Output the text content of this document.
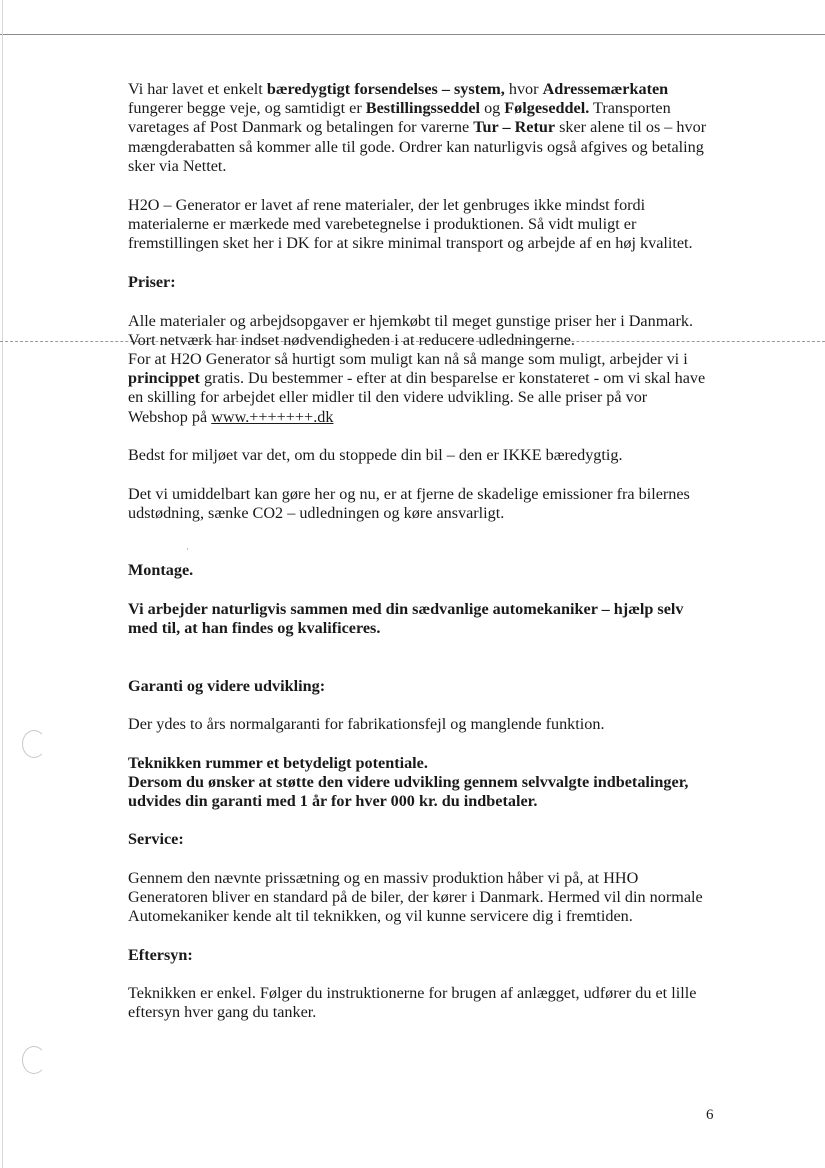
·

Vi har lavet et enkelt bæredygtigt forsendelses – system, hvor Adressemærkaten fungerer begge veje, og samtidigt er Bestillingsseddel og Følgeseddel. Transporten varetages af Post Danmark og betalingen for varerne Tur – Retur sker alene til os – hvor mængderabatten så kommer alle til gode. Ordrer kan naturligvis også afgives og betaling sker via Nettet.

H2O – Generator er lavet af rene materialer, der let genbruges ikke mindst fordi materialerne er mærkede med varebetegnelse i produktionen. Så vidt muligt er fremstillingen sket her i DK for at sikre minimal transport og arbejde af en høj kvalitet.

Priser:

Alle materialer og arbejdsopgaver er hjemkøbt til meget gunstige priser her i Danmark. Vort netværk har indset nødvendigheden i at reducere udledningerne.

For at H2O Generator så hurtigt som muligt kan nå så mange som muligt, arbejder vi i princippet gratis. Du bestemmer - efter at din besparelse er konstateret - om vi skal have en skilling for arbejdet eller midler til den videre udvikling. Se alle priser på vor Webshop på www.+++++++.dk

Bedst for miljøet var det, om du stoppede din bil – den er IKKE bæredygtig.

Det vi umiddelbart kan gøre her og nu, er at fjerne de skadelige emissioner fra bilernes udstødning, sænke CO2 – udledningen og køre ansvarligt.

Montage.

Vi arbejder naturligvis sammen med din sædvanlige automekaniker – hjælp selv med til, at han findes og kvalificeres.

Garanti og videre udvikling:

Der ydes to års normalgaranti for fabrikationsfejl og manglende funktion.

Teknikken rummer et betydeligt potentiale.

Dersom du ønsker at støtte den videre udvikling gennem selvvalgte indbetalinger, udvides din garanti med 1 år for hver 000 kr. du indbetaler.

Service:

Gennem den nævnte prissætning og en massiv produktion håber vi på, at HHO Generatoren bliver en standard på de biler, der kører i Danmark. Hermed vil din normale Automekaniker kende alt til teknikken, og vil kunne servicere dig i fremtiden.

Eftersyn:

Teknikken er enkel. Følger du instruktionerne for brugen af anlægget, udfører du et lille eftersyn hver gang du tanker.

6
